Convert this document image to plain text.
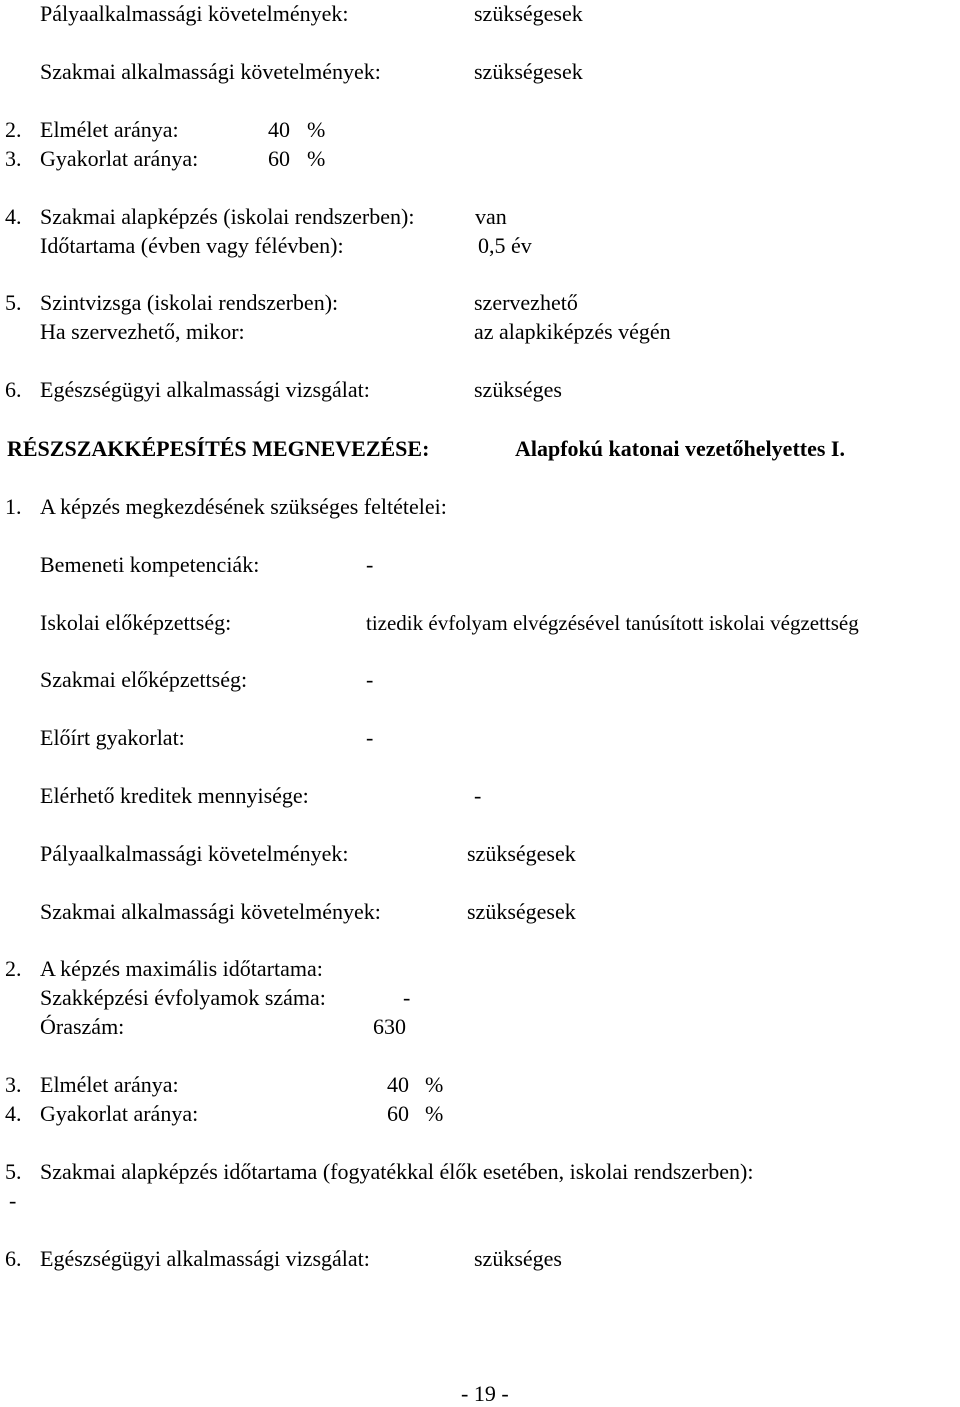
Pályaalkalmassági követelmények:	szükségesek
Szakmai alkalmassági követelmények:	szükségesek
2. Elmélet aránya:	40 %
3. Gyakorlat aránya:	60 %
4. Szakmai alapképzés (iskolai rendszerben):	van
Időtartama (évben vagy félévben):	0,5 év
5. Szintvizsga (iskolai rendszerben):	szervezhető
Ha szervezhető, mikor:	az alapkiképzés végén
6. Egészségügyi alkalmassági vizsgálat:	szükséges
RÉSZSZAKKÉPESÍTÉS MEGNEVEZÉSE:	Alapfokú katonai vezetőhelyettes I.
1. A képzés megkezdésének szükséges feltételei:
Bemeneti kompetenciák:	-
Iskolai előképzettség:	tizedik évfolyam elvégzésével tanúsított iskolai végzettség
Szakmai előképzettség:	-
Előírt gyakorlat:	-
Elérhető kreditek mennyisége:	-
Pályaalkalmassági követelmények:	szükségesek
Szakmai alkalmassági követelmények:	szükségesek
2. A képzés maximális időtartama:
Szakképzési évfolyamok száma:	-
Óraszám:	630
3. Elmélet aránya:	40 %
4. Gyakorlat aránya:	60 %
5. Szakmai alapképzés időtartama (fogyatékkal élők esetében, iskolai rendszerben):
-
6. Egészségügyi alkalmassági vizsgálat:	szükséges
- 19 -
